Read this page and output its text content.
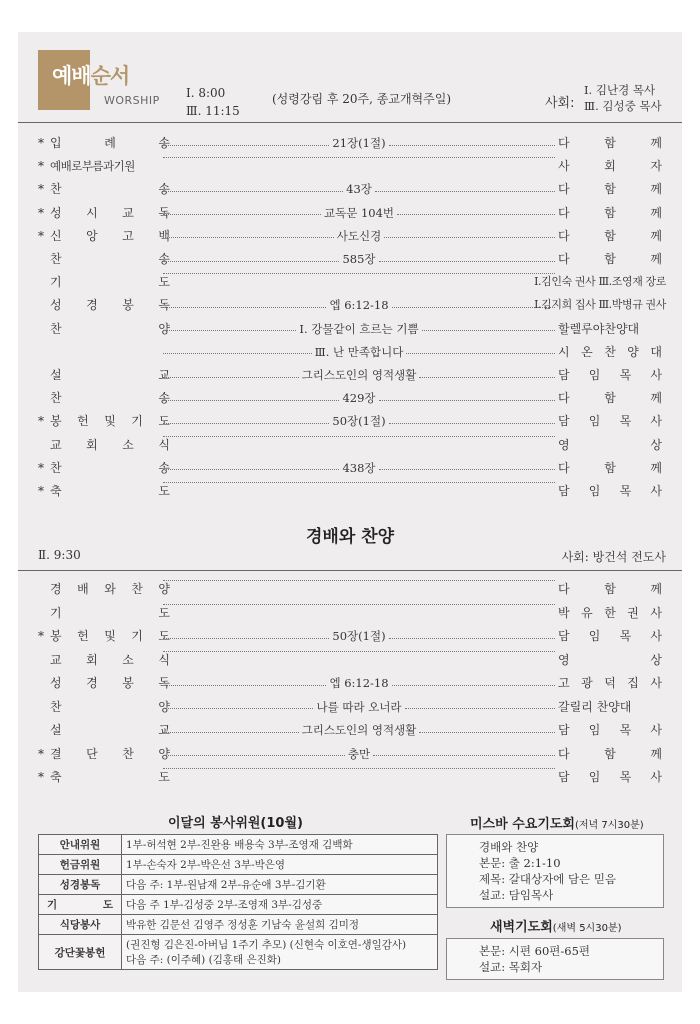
예배순서
WORSHIP
Ⅰ. 8:00
Ⅲ. 11:15
(성령강림 후 20주, 종교개혁주일)	사회:
Ⅰ. 김난경 목사
Ⅲ. 김성중 목사
* 입	례	송	21장(1절)	다	함	께
* 예배로부름과기원	사	회	자
* 찬	송	43장	다	함	께
* 성 시 교 독	교독문 104번	다	함	께
* 신 앙 고 백	사도신경	다	함	께
찬	송	585장	다	함	께
기	도	Ⅰ.김인숙 권사 Ⅲ.조영재 장로
성 경 봉 독	엡 6:12-18	Ⅰ.김지희 집사 Ⅲ.박병규 권사
찬	양	Ⅰ. 강물같이 흐르는 기쁨	할렐루야찬양대
Ⅲ. 난 만족합니다	시 온 찬 양 대
설	교	그리스도인의 영적생활	담 임 목 사
찬	송	429장	다	함	께
* 봉 헌 및 기 도	50장(1절)	담 임 목 사
교 회 소 식	영	상
* 찬	송	438장	다	함	께
* 축	도	담 임 목 사
경배와 찬양
Ⅱ. 9:30	사회: 방건석 전도사
경 배 와 찬 양	다	함	께
기	도	박 유 한 권 사
* 봉 헌 및 기 도	50장(1절)	담 임 목 사
교 회 소 식	영	상
성 경 봉 독	엡 6:12-18	고 광 덕 집 사
찬	양	나를 따라 오너라	갈릴리 찬양대
설	교	그리스도인의 영적생활	담 임 목 사
* 결 단 찬 양	충만	다	함	께
* 축	도	담 임 목 사
이달의 봉사위원(10월)
안내위원	1부-허석현 2부-진완용 배용숙 3부-조영재 김백화
헌금위원	1부-손숙자 2부-박은선 3부-박은영
성경봉독	다음 주: 1부-원남재 2부-유순애 3부-김기환
기 도	다음 주 1부-김성중 2부-조영재 3부-김성중
식당봉사	박유한 김문선 김영주 정성훈 기남숙 윤설희 김미정
강단꽃봉헌	(권진형 김은진-아버님 1주기 추모) (신현숙 이호연-생일감사)
다음 주: (이주혜) (김홍태 은진화)
미스바 수요기도회(저녁 7시30분)
경배와 찬양
본문: 출 2:1-10
제목: 갈대상자에 담은 믿음
설교: 담임목사
새벽기도회(새벽 5시30분)
본문: 시편 60편-65편
설교: 목회자
